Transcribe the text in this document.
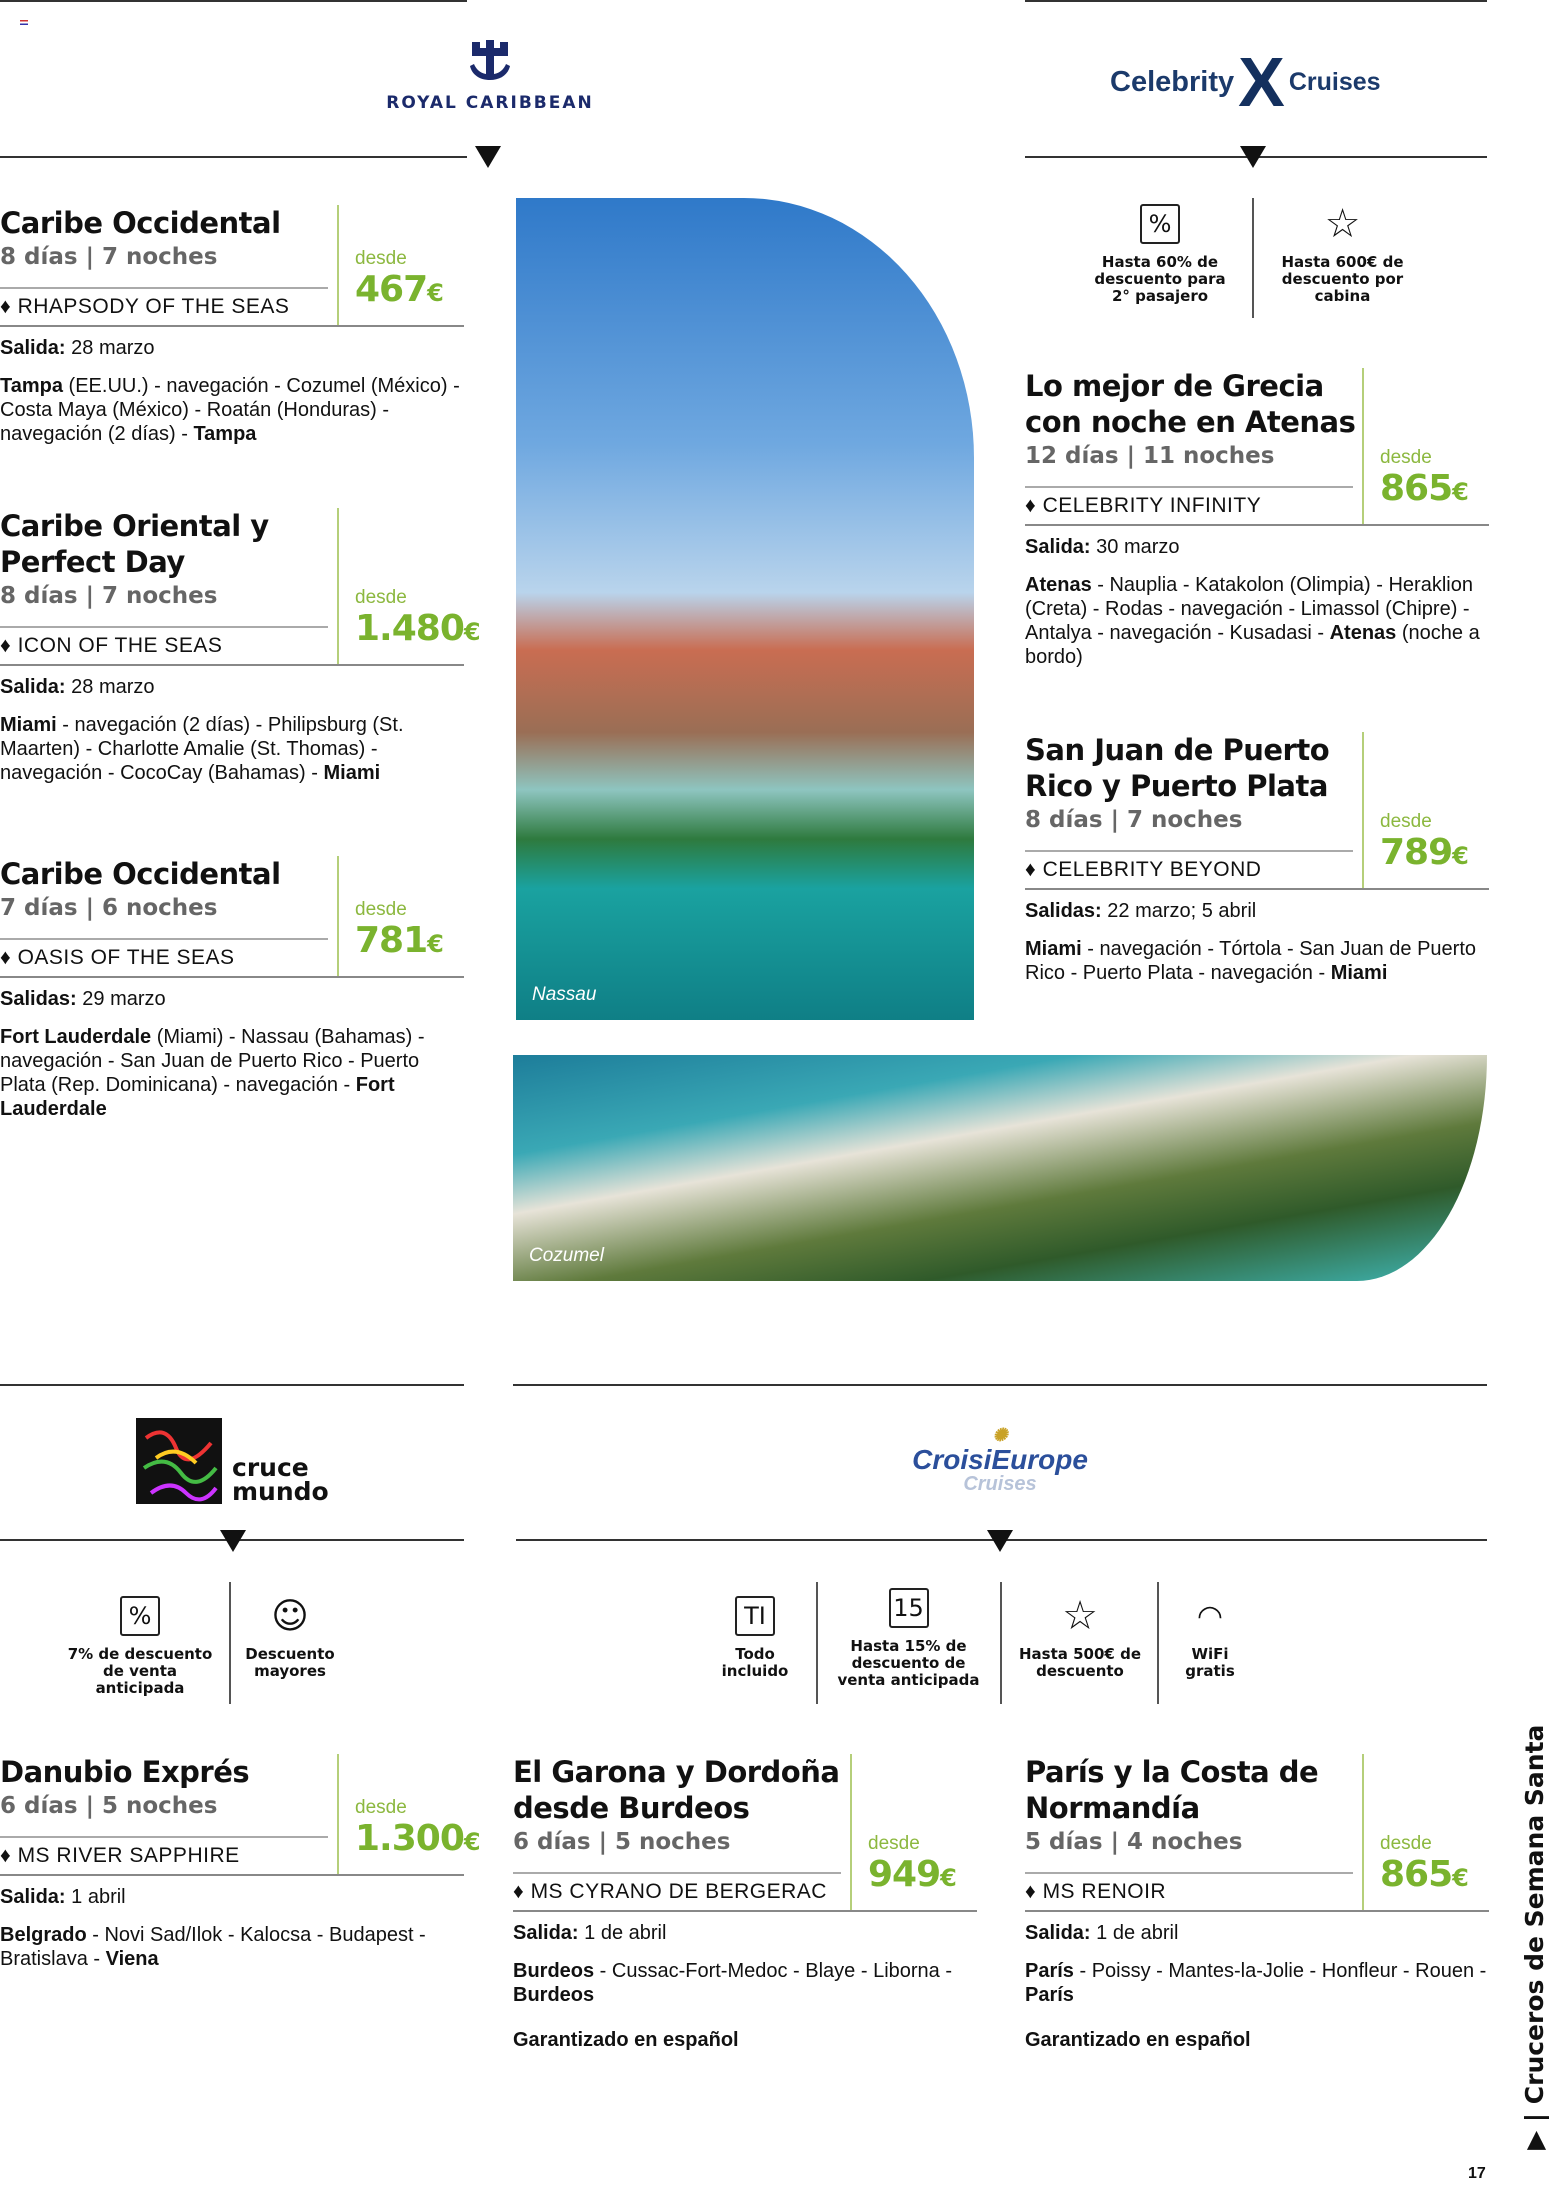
ROYAL CARIBBEAN
Celebrity X Cruises
%
Hasta 60% de descuento para 2° pasajero
☆
Hasta 600€ de descuento por cabina
Nassau
Cozumel
Caribe Occidental
8 días | 7 noches
♦ RHAPSODY OF THE SEAS
desde
467€
Salida: 28 marzo
Tampa (EE.UU.) - navegación - Cozumel (México) - Costa Maya (México) - Roatán (Honduras) - navegación (2 días) - Tampa
Caribe Oriental y Perfect Day
8 días | 7 noches
♦ ICON OF THE SEAS
desde
1.480€
Salida: 28 marzo
Miami - navegación (2 días) - Philipsburg (St. Maarten) - Charlotte Amalie (St. Thomas) - navegación - CocoCay (Bahamas) - Miami
Caribe Occidental
7 días | 6 noches
♦ OASIS OF THE SEAS
desde
781€
Salidas: 29 marzo
Fort Lauderdale (Miami) - Nassau (Bahamas) - navegación - San Juan de Puerto Rico - Puerto Plata (Rep. Dominicana) - navegación - Fort Lauderdale
Lo mejor de Grecia con noche en Atenas
12 días | 11 noches
♦ CELEBRITY INFINITY
desde
865€
Salida: 30 marzo
Atenas - Nauplia - Katakolon (Olimpia) - Heraklion (Creta) - Rodas - navegación - Limassol (Chipre) - Antalya - navegación - Kusadasi - Atenas (noche a bordo)
San Juan de Puerto Rico y Puerto Plata
8 días | 7 noches
♦ CELEBRITY BEYOND
desde
789€
Salidas: 22 marzo; 5 abril
Miami - navegación - Tórtola - San Juan de Puerto Rico - Puerto Plata - navegación - Miami
Danubio Exprés
6 días | 5 noches
♦ MS RIVER SAPPHIRE
desde
1.300€
Salida: 1 abril
Belgrado - Novi Sad/Ilok - Kalocsa - Budapest - Bratislava - Viena
El Garona y Dordoña desde Burdeos
6 días | 5 noches
♦ MS CYRANO DE BERGERAC
desde
949€
Salida: 1 de abril
Burdeos - Cussac-Fort-Medoc - Blaye - Liborna - Burdeos
Garantizado en español
París y la Costa de Normandía
5 días | 4 noches
♦ MS RENOIR
desde
865€
Salida: 1 de abril
París - Poissy - Mantes-la-Jolie - Honfleur - Rouen - París
Garantizado en español
cruce
mundo
✺
CroisiEurope
Cruises
%
7% de descuento de venta anticipada
☺
Descuento mayores
TI
Todo incluido
15
Hasta 15% de descuento de venta anticipada
☆
Hasta 500€ de descuento
◠
WiFi gratis
▶ | Cruceros de Semana Santa
17
